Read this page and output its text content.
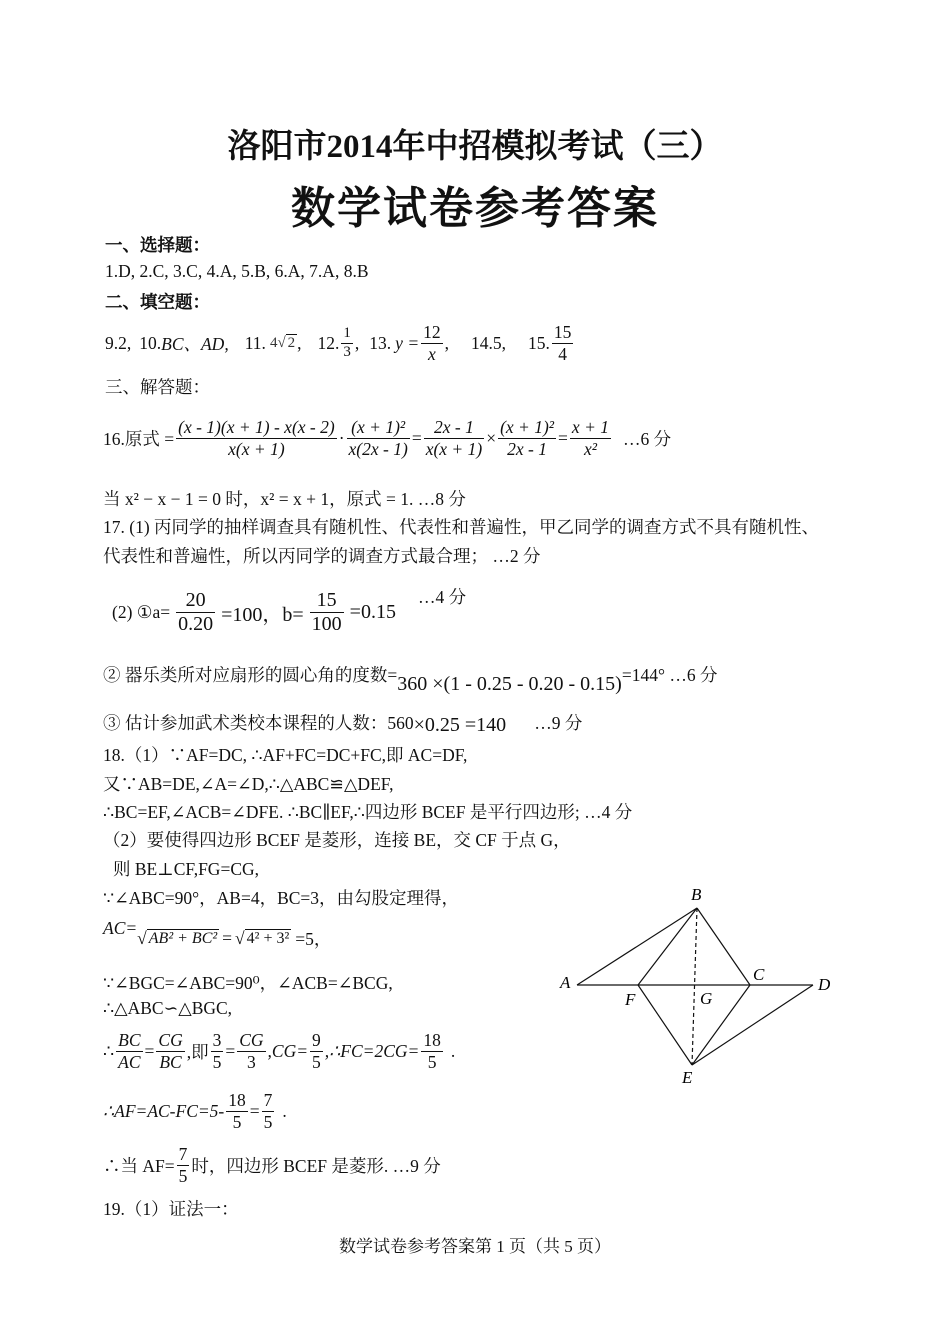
洛阳市2014年中招模拟考试（三）
数学试卷参考答案
一、选择题：
1.D, 2.C, 3.C, 4.A, 5.B, 6.A, 7.A, 8.B
二、填空题：
9.2, 10. BC、AD, 11. 4 √ 2 , 12. $\frac{1}{3}$ , 13. $y = \frac{12}{x}$ , 14.5, 15. $\frac{15}{4}$
三、解答题：
16.原式 = $\frac{(x - 1)(x + 1) - x(x - 2)}{x(x + 1)} \cdot \frac{\text{(x + 1)²}}{x(2x - 1)} = \frac{2x - 1}{x(x + 1)} \times \frac{\text{(x + 1)²}}{2x - 1} = \frac{x + 1}{\text{x²}}$ …6 分
当 x² − x − 1 = 0 时，x² = x + 1，原式 = 1. …8 分
17. (1) 丙同学的抽样调查具有随机性、代表性和普遍性，甲乙同学的调查方式不具有随机性、
代表性和普遍性，所以丙同学的调查方式最合理； …2 分
(2) ①a= $\frac{20}{0.20} =100$，$b= \frac{15}{100} =0.15$
…4 分
② 器乐类所对应扇形的圆心角的度数= 360 ×(1 - 0.25 - 0.20 - 0.15) =144° …6 分
③ 估计参加武术类校本课程的人数：560 ×0.25 =140 …9 分
18.（1）∵AF=DC, ∴AF+FC=DC+FC,即 AC=DF,
又∵AB=DE,∠A=∠D,∴△ABC≌△DEF,
∴BC=EF,∠ACB=∠DFE. ∴BC∥EF,∴四边形 BCEF 是平行四边形; …4 分
（2）要使得四边形 BCEF 是菱形，连接 BE，交 CF 于点 G，
则 BE⊥CF,FG=CG,
∵∠ABC=90°，AB=4，BC=3，由勾股定理得，
AC= √ AB² + BC² = √ 4² + 3² =5，
∵∠BGC=∠ABC=90⁰，∠ACB=∠BCG,
∴△ABC∽△BGC,
∴ $\frac{BC}{AC} = \frac{CG}{BC}$ ,即 $\frac{3}{5} = \frac{CG}{3} ,CG= \frac{9}{5}$ ,∴FC=2CG= $\frac{18}{5}$ .
∴AF=AC-FC=5- $\frac{18}{5} = \frac{7}{5}$ .
∴当 $AF= \frac{7}{5}$ 时，四边形 BCEF 是菱形. …9 分
A
B
C
D
E
F	G
19.（1）证法一：
数学试卷参考答案第 1 页（共 5 页）
